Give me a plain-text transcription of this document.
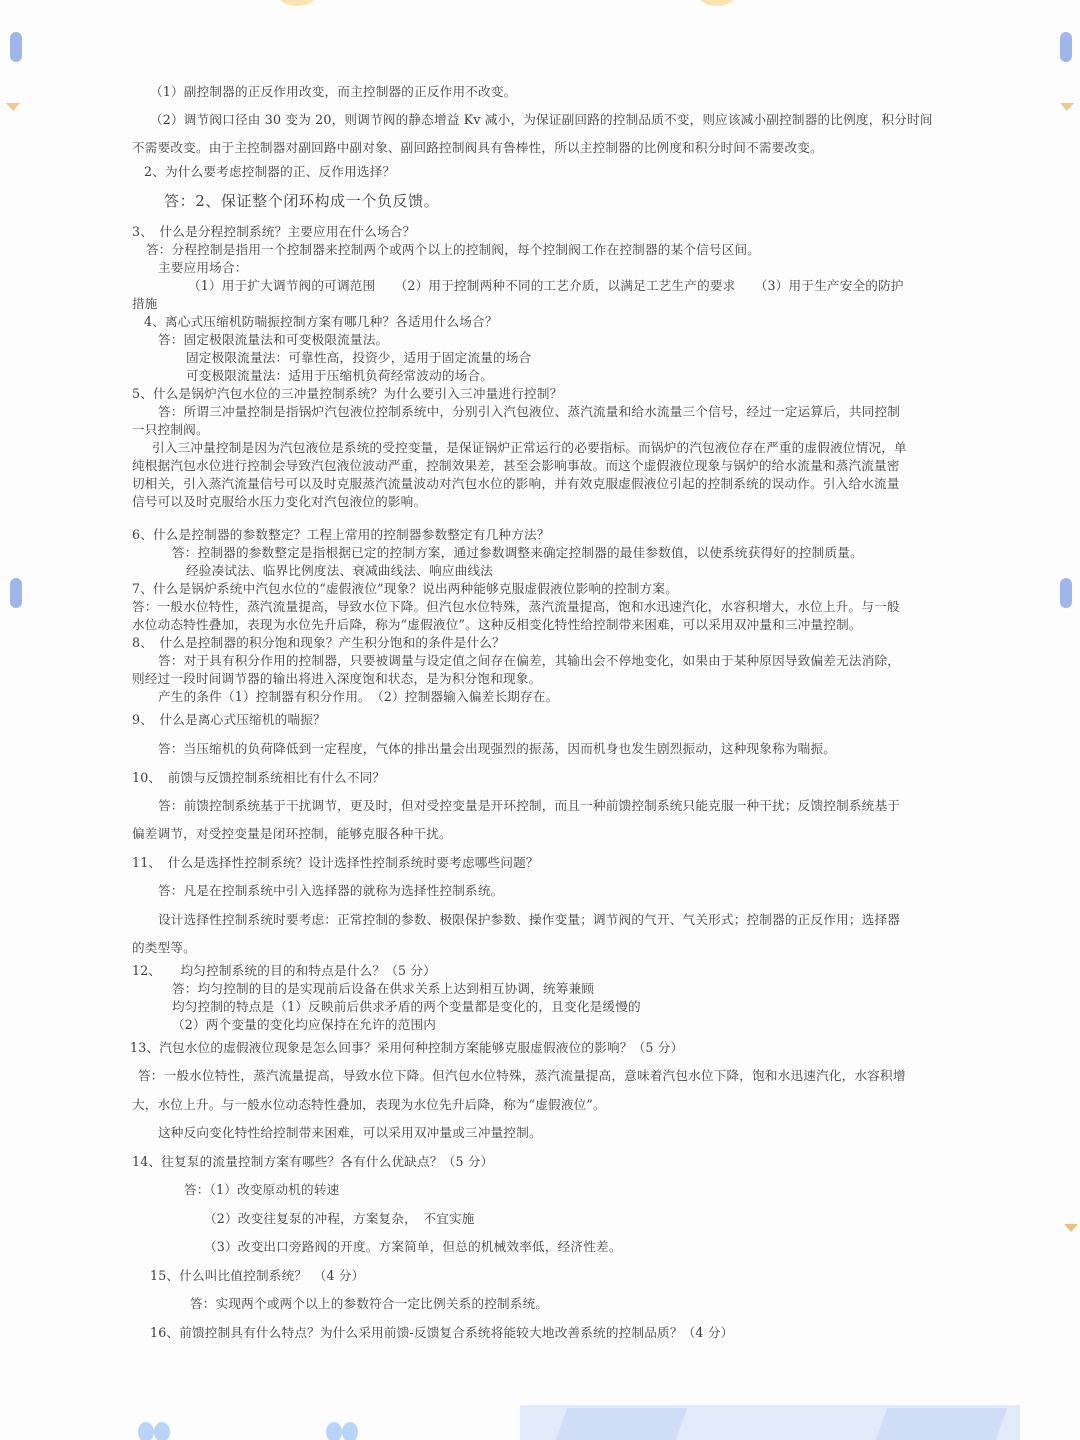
（1）副控制器的正反作用改变，而主控制器的正反作用不改变。
（2）调节阀口径由 30 变为 20，则调节阀的静态增益 Kv 减小，为保证副回路的控制品质不变，则应该减小副控制器的比例度，积分时间
不需要改变。由于主控制器对副回路中副对象、副回路控制阀具有鲁棒性，所以主控制器的比例度和积分时间不需要改变。
2、为什么要考虑控制器的正、反作用选择？
答：2、保证整个闭环构成一个负反馈。
3、　什么是分程控制系统？主要应用在什么场合？
答：分程控制是指用一个控制器来控制两个或两个以上的控制阀，每个控制阀工作在控制器的某个信号区间。
主要应用场合：
（1）用于扩大调节阀的可调范围　　（2）用于控制两种不同的工艺介质，以满足工艺生产的要求　　（3）用于生产安全的防护
措施
4、离心式压缩机防喘振控制方案有哪几种？各适用什么场合？
答：固定极限流量法和可变极限流量法。
固定极限流量法：可靠性高，投资少，适用于固定流量的场合
可变极限流量法：适用于压缩机负荷经常波动的场合。
5、什么是锅炉汽包水位的三冲量控制系统？为什么要引入三冲量进行控制？
答：所谓三冲量控制是指锅炉汽包液位控制系统中，分别引入汽包液位、蒸汽流量和给水流量三个信号，经过一定运算后，共同控制
一只控制阀。
引入三冲量控制是因为汽包液位是系统的受控变量，是保证锅炉正常运行的必要指标。而锅炉的汽包液位存在严重的虚假液位情况，单
纯根据汽包水位进行控制会导致汽包液位波动严重，控制效果差，甚至会影响事故。而这个虚假液位现象与锅炉的给水流量和蒸汽流量密
切相关，引入蒸汽流量信号可以及时克服蒸汽流量波动对汽包水位的影响，并有效克服虚假液位引起的控制系统的误动作。引入给水流量
信号可以及时克服给水压力变化对汽包液位的影响。
6、什么是控制器的参数整定？工程上常用的控制器参数整定有几种方法？
答：控制器的参数整定是指根据已定的控制方案，通过参数调整来确定控制器的最佳参数值，以使系统获得好的控制质量。
经验凑试法、临界比例度法、衰减曲线法、响应曲线法
7、什么是锅炉系统中汽包水位的“虚假液位”现象？说出两种能够克服虚假液位影响的控制方案。
答：一般水位特性，蒸汽流量提高，导致水位下降。但汽包水位特殊，蒸汽流量提高，饱和水迅速汽化，水容积增大，水位上升。与一般
水位动态特性叠加，表现为水位先升后降，称为“虚假液位”。这种反相变化特性给控制带来困难，可以采用双冲量和三冲量控制。
8、　什么是控制器的积分饱和现象？产生积分饱和的条件是什么？
答：对于具有积分作用的控制器，只要被调量与设定值之间存在偏差，其输出会不停地变化，如果由于某种原因导致偏差无法消除，
则经过一段时间调节器的输出将进入深度饱和状态，是为积分饱和现象。
产生的条件（1）控制器有积分作用。　（2）控制器输入偏差长期存在。
9、　什么是离心式压缩机的喘振？
答：当压缩机的负荷降低到一定程度，气体的排出量会出现强烈的振荡，因而机身也发生剧烈振动，这种现象称为喘振。
10、　前馈与反馈控制系统相比有什么不同？
答：前馈控制系统基于干扰调节，更及时，但对受控变量是开环控制，而且一种前馈控制系统只能克服一种干扰；反馈控制系统基于
偏差调节，对受控变量是闭环控制，能够克服各种干扰。
11、　什么是选择性控制系统？设计选择性控制系统时要考虑哪些问题？
答：凡是在控制系统中引入选择器的就称为选择性控制系统。
设计选择性控制系统时要考虑：正常控制的参数、极限保护参数、操作变量；调节阀的气开、气关形式；控制器的正反作用；选择器
的类型等。
12、　　均匀控制系统的目的和特点是什么？（5 分）
答：均匀控制的目的是实现前后设备在供求关系上达到相互协调，统筹兼顾
均匀控制的特点是（1）反映前后供求矛盾的两个变量都是变化的，且变化是缓慢的
（2）两个变量的变化均应保持在允许的范围内
13、汽包水位的虚假液位现象是怎么回事？采用何种控制方案能够克服虚假液位的影响？（5 分）
答：一般水位特性，蒸汽流量提高，导致水位下降。但汽包水位特殊，蒸汽流量提高，意味着汽包水位下降，饱和水迅速汽化，水容积增
大，水位上升。与一般水位动态特性叠加，表现为水位先升后降，称为“虚假液位”。
这种反向变化特性给控制带来困难，可以采用双冲量或三冲量控制。
14、往复泵的流量控制方案有哪些？各有什么优缺点？（5 分）
答：（1）改变原动机的转速
（2）改变往复泵的冲程，方案复杂，　不宜实施
（3）改变出口旁路阀的开度。方案简单，但总的机械效率低，经济性差。
15、什么叫比值控制系统？　（4 分）
答：实现两个或两个以上的参数符合一定比例关系的控制系统。
16、前馈控制具有什么特点？为什么采用前馈-反馈复合系统将能较大地改善系统的控制品质？（4 分）
